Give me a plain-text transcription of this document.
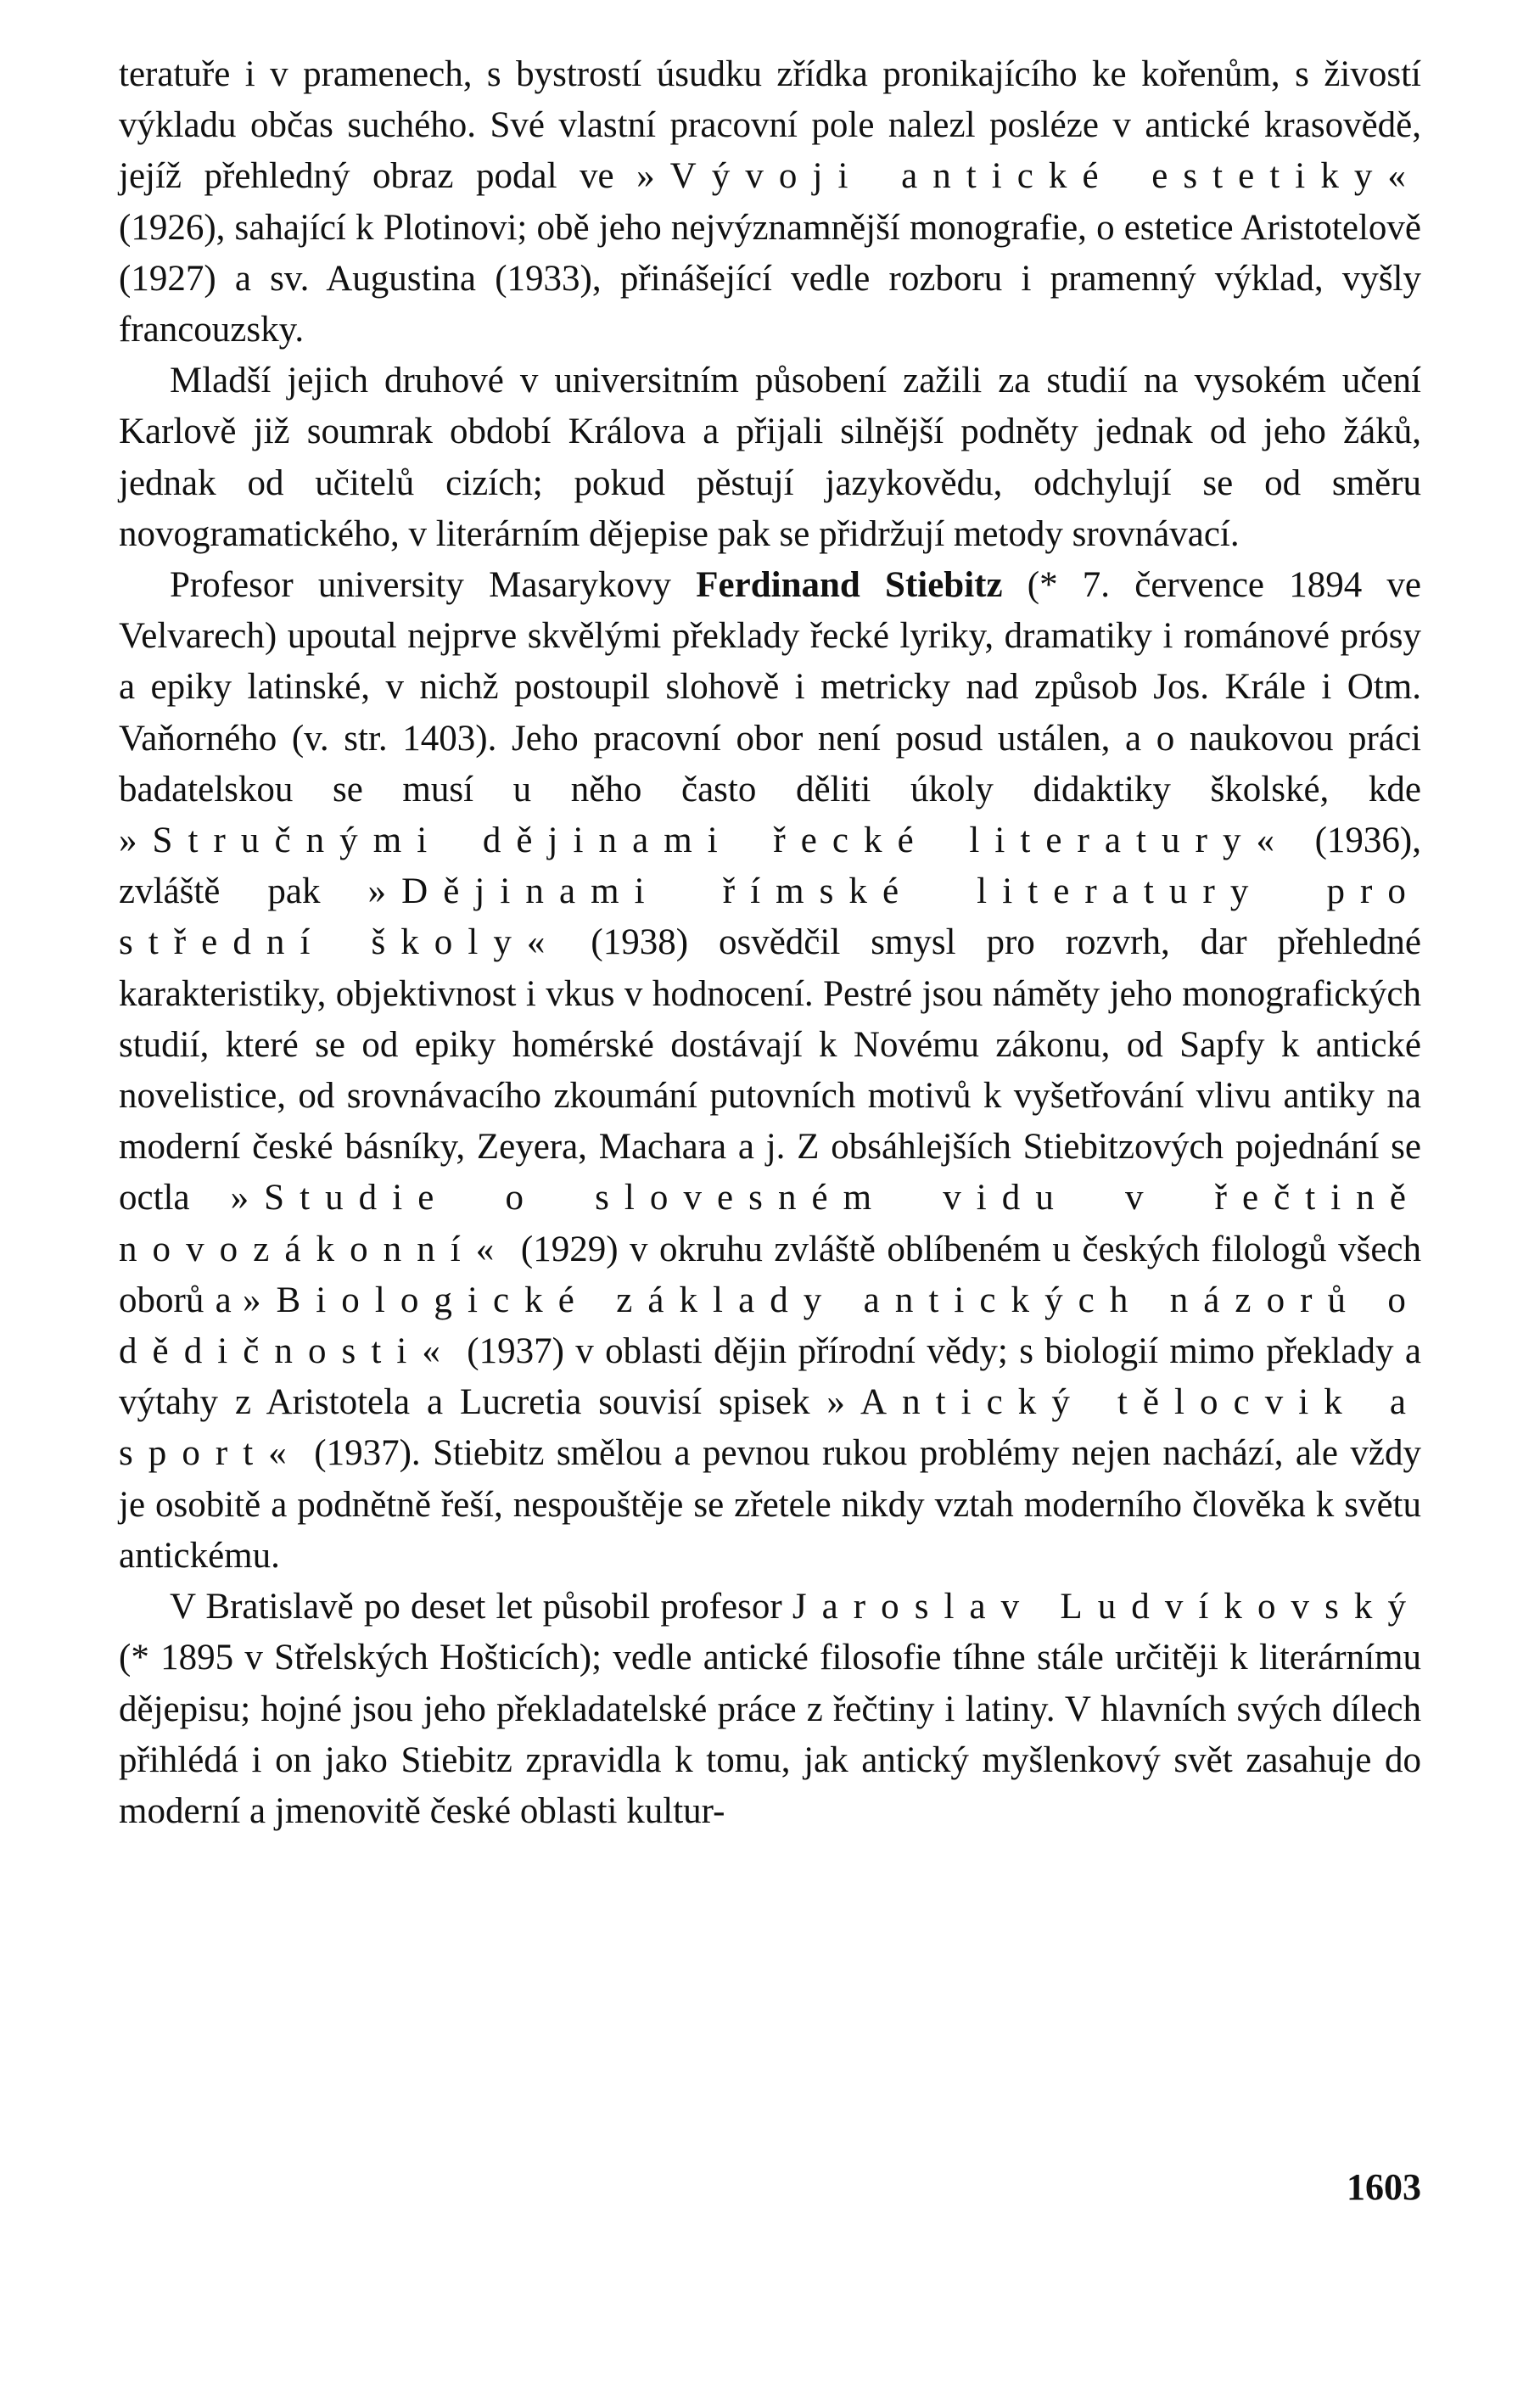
teratuře i v pramenech, s bystrostí úsudku zřídka pronikajícího ke kořenům, s živostí výkladu občas suchého. Své vlastní pracovní pole nalezl posléze v antické krasovědě, jejíž přehledný obraz podal ve »Vývoji antické estetiky« (1926), sahající k Plotinovi; obě jeho nejvýznamnější monografie, o estetice Aristotelově (1927) a sv. Augustina (1933), přinášející vedle rozboru i pramenný výklad, vyšly francouzsky.

Mladší jejich druhové v universitním působení zažili za studií na vysokém učení Karlově již soumrak období Králova a přijali silnější podněty jednak od jeho žáků, jednak od učitelů cizích; pokud pěstují jazykovědu, odchylují se od směru novogramatického, v literárním dějepise pak se přidržují metody srovnávací.

Profesor university Masarykovy Ferdinand Stiebitz (* 7. července 1894 ve Velvarech) upoutal nejprve skvělými překlady řecké lyriky, dramatiky i románové prósy a epiky latinské, v nichž postoupil slohově i metricky nad způsob Jos. Krále i Otm. Vaňorného (v. str. 1403). Jeho pracovní obor není posud ustálen, a o naukovou práci badatelskou se musí u něho často děliti úkoly didaktiky školské, kde »Stručnými dějinami řecké literatury« (1936), zvláště pak »Dějinami římské literatury pro střední školy« (1938) osvědčil smysl pro rozvrh, dar přehledné karakteristiky, objektivnost i vkus v hodnocení. Pestré jsou náměty jeho monografických studií, které se od epiky homérské dostávají k Novému zákonu, od Sapfy k antické novelistice, od srovnávacího zkoumání putovních motivů k vyšetřování vlivu antiky na moderní české básníky, Zeyera, Machara a j. Z obsáhlejších Stiebitzových pojednání se octla »Studie o slovesném vidu v řečtině novozákonní« (1929) v okruhu zvláště oblíbeném u českých filologů všech oborů a »Biologické základy antických názorů o dědičnosti« (1937) v oblasti dějin přírodní vědy; s biologií mimo překlady a výtahy z Aristotela a Lucretia souvisí spisek »Antický tělocvik a sport« (1937). Stiebitz smělou a pevnou rukou problémy nejen nachází, ale vždy je osobitě a podnětně řeší, nespouštěje se zřetele nikdy vztah moderního člověka k světu antickému.

V Bratislavě po deset let působil profesor Jaroslav Ludvíkovský (* 1895 v Střelských Hošticích); vedle antické filosofie tíhne stále určitěji k literárnímu dějepisu; hojné jsou jeho překladatelské práce z řečtiny i latiny. V hlavních svých dílech přihlédá i on jako Stiebitz zpravidla k tomu, jak antický myšlenkový svět zasahuje do moderní a jmenovitě české oblasti kultur-

1603
